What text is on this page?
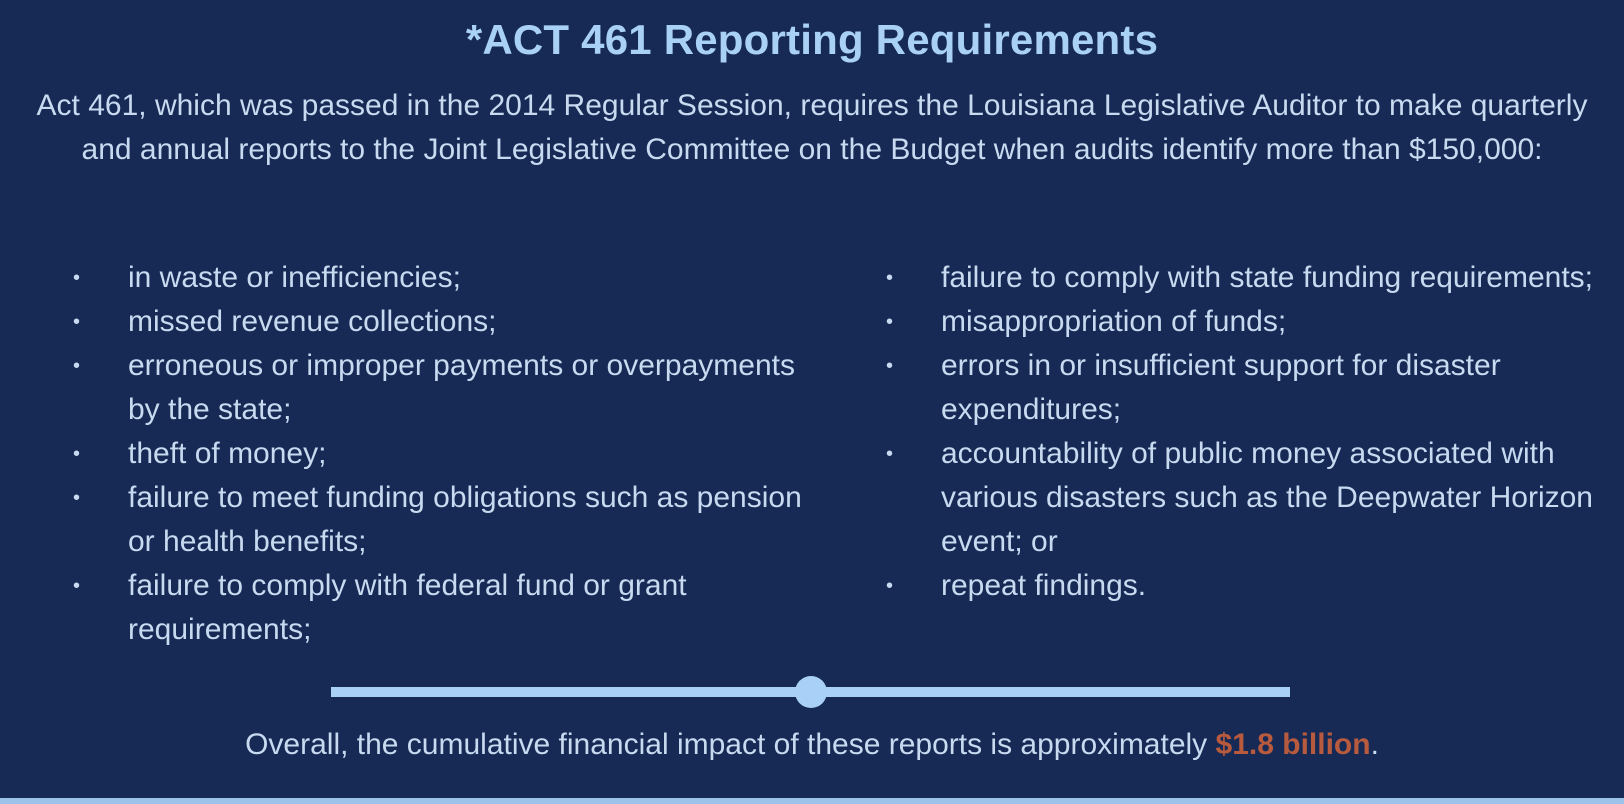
*ACT 461 Reporting Requirements
Act 461, which was passed in the 2014 Regular Session, requires the Louisiana Legislative Auditor to make quarterly and annual reports to the Joint Legislative Committee on the Budget when audits identify more than $150,000:
• in waste or inefficiencies;
• missed revenue collections;
• erroneous or improper payments or overpayments by the state;
• theft of money;
• failure to meet funding obligations such as pension or health benefits;
• failure to comply with federal fund or grant requirements;
• failure to comply with state funding requirements;
• misappropriation of funds;
• errors in or insufficient support for disaster expenditures;
• accountability of public money associated with various disasters such as the Deepwater Horizon event; or
• repeat findings.
Overall, the cumulative financial impact of these reports is approximately $1.8 billion.
